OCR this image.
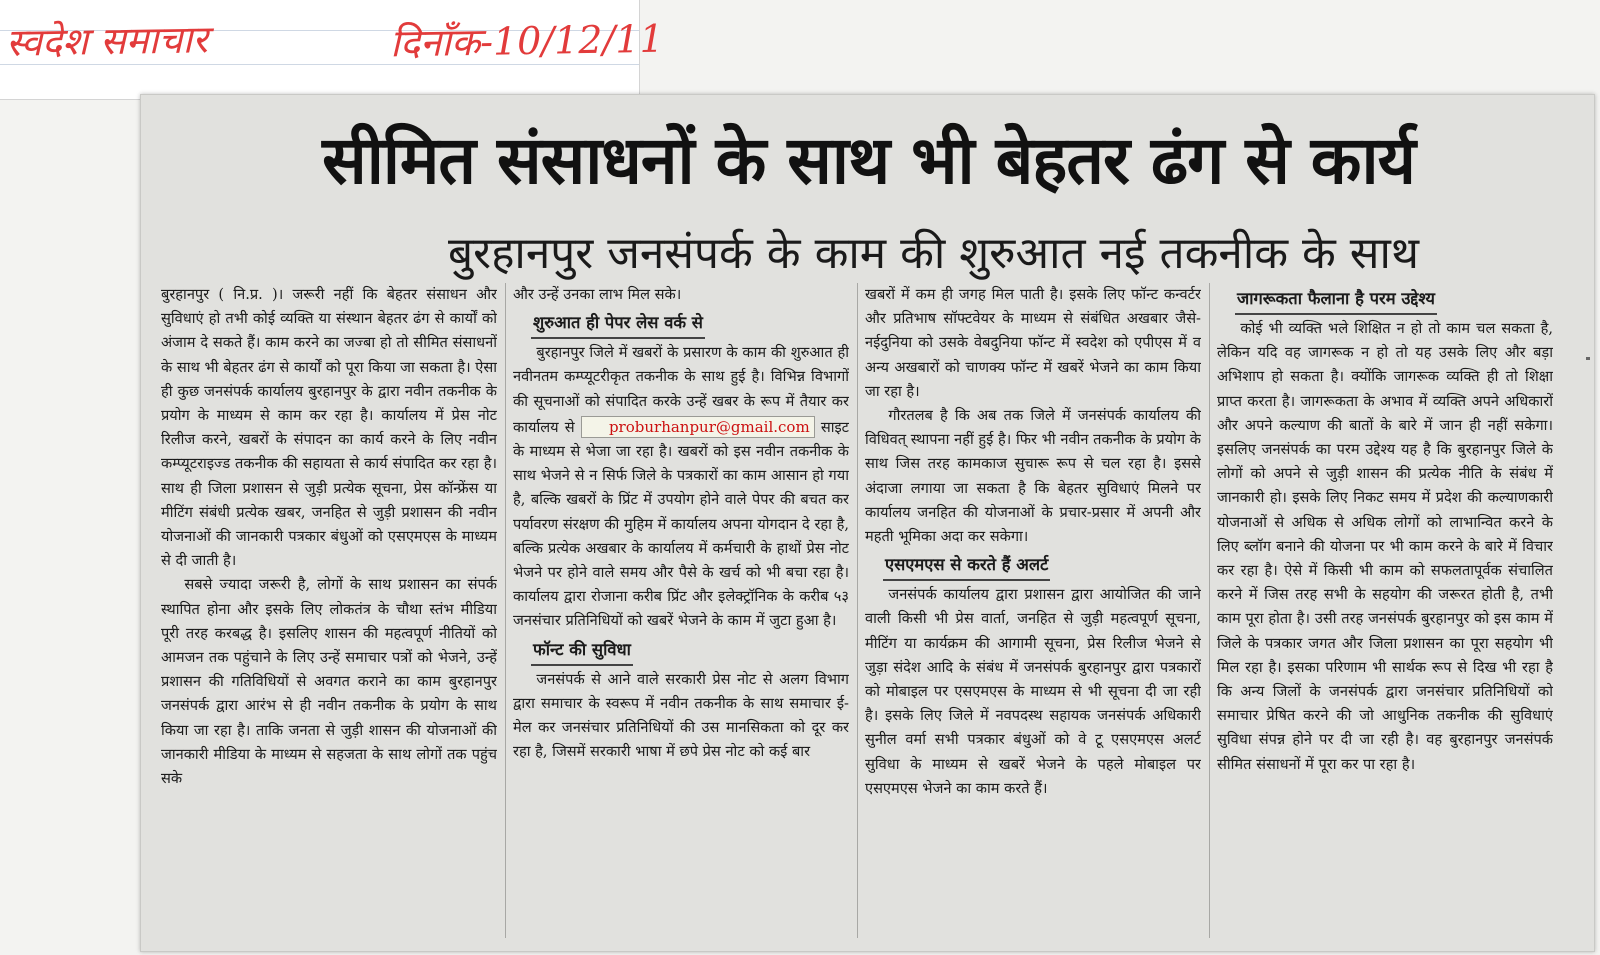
स्वदेश समाचार	दिनाँक-10/12/11
सीमित संसाधनों के साथ भी बेहतर ढंग से कार्य
बुरहानपुर जनसंपर्क के काम की शुरुआत नई तकनीक के साथ

बुरहानपुर ( नि.प्र. )। जरूरी नहीं कि बेहतर संसाधन और सुविधाएं हो तभी कोई व्यक्ति या संस्थान बेहतर ढंग से कार्यों को अंजाम दे सकते हैं। काम करने का जज्बा हो तो सीमित संसाधनों के साथ भी बेहतर ढंग से कार्यों को पूरा किया जा सकता है। ऐसा ही कुछ जनसंपर्क कार्यालय बुरहानपुर के द्वारा नवीन तकनीक के प्रयोग के माध्यम से काम कर रहा है। कार्यालय में प्रेस नोट रिलीज करने, खबरों के संपादन का कार्य करने के लिए नवीन कम्प्यूटराइज्ड तकनीक की सहायता से कार्य संपादित कर रहा है। साथ ही जिला प्रशासन से जुड़ी प्रत्येक सूचना, प्रेस कॉन्फ्रेंस या मीटिंग संबंधी प्रत्येक खबर, जनहित से जुड़ी प्रशासन की नवीन योजनाओं की जानकारी पत्रकार बंधुओं को एसएमएस के माध्यम से दी जाती है।

सबसे ज्यादा जरूरी है, लोगों के साथ प्रशासन का संपर्क स्थापित होना और इसके लिए लोकतंत्र के चौथा स्तंभ मीडिया पूरी तरह करबद्ध है। इसलिए शासन की महत्वपूर्ण नीतियों को आमजन तक पहुंचाने के लिए उन्हें समाचार पत्रों को भेजने, उन्हें प्रशासन की गतिविधियों से अवगत कराने का काम बुरहानपुर जनसंपर्क द्वारा आरंभ से ही नवीन तकनीक के प्रयोग के साथ किया जा रहा है। ताकि जनता से जुड़ी शासन की योजनाओं की जानकारी मीडिया के माध्यम से सहजता के साथ लोगों तक पहुंच सके

और उन्हें उनका लाभ मिल सके।

शुरुआत ही पेपर लेस वर्क से

बुरहानपुर जिले में खबरों के प्रसारण के काम की शुरुआत ही नवीनतम कम्प्यूटरीकृत तकनीक के साथ हुई है। विभिन्न विभागों की सूचनाओं को संपादित करके उन्हें खबर के रूप में तैयार कर कार्यालय से proburhanpur@gmail.com साइट के माध्यम से भेजा जा रहा है। खबरों को इस नवीन तकनीक के साथ भेजने से न सिर्फ जिले के पत्रकारों का काम आसान हो गया है, बल्कि खबरों के प्रिंट में उपयोग होने वाले पेपर की बचत कर पर्यावरण संरक्षण की मुहिम में कार्यालय अपना योगदान दे रहा है, बल्कि प्रत्येक अखबार के कार्यालय में कर्मचारी के हाथों प्रेस नोट भेजने पर होने वाले समय और पैसे के खर्च को भी बचा रहा है। कार्यालय द्वारा रोजाना करीब प्रिंट और इलेक्ट्रॉनिक के करीब ५३ जनसंचार प्रतिनिधियों को खबरें भेजने के काम में जुटा हुआ है।

फॉन्ट की सुविधा

जनसंपर्क से आने वाले सरकारी प्रेस नोट से अलग विभाग द्वारा समाचार के स्वरूप में नवीन तकनीक के साथ समाचार ई-मेल कर जनसंचार प्रतिनिधियों की उस मानसिकता को दूर कर रहा है, जिसमें सरकारी भाषा में छपे प्रेस नोट को कई बार

खबरों में कम ही जगह मिल पाती है। इसके लिए फॉन्ट कन्वर्टर और प्रतिभाष सॉफ्टवेयर के माध्यम से संबंधित अखबार जैसे- नईदुनिया को उसके वेबदुनिया फॉन्ट में स्वदेश को एपीएस में व अन्य अखबारों को चाणक्य फॉन्ट में खबरें भेजने का काम किया जा रहा है।

गौरतलब है कि अब तक जिले में जनसंपर्क कार्यालय की विधिवत् स्थापना नहीं हुई है। फिर भी नवीन तकनीक के प्रयोग के साथ जिस तरह कामकाज सुचारू रूप से चल रहा है। इससे अंदाजा लगाया जा सकता है कि बेहतर सुविधाएं मिलने पर कार्यालय जनहित की योजनाओं के प्रचार-प्रसार में अपनी और महती भूमिका अदा कर सकेगा।

एसएमएस से करते हैं अलर्ट

जनसंपर्क कार्यालय द्वारा प्रशासन द्वारा आयोजित की जाने वाली किसी भी प्रेस वार्ता, जनहित से जुड़ी महत्वपूर्ण सूचना, मीटिंग या कार्यक्रम की आगामी सूचना, प्रेस रिलीज भेजने से जुड़ा संदेश आदि के संबंध में जनसंपर्क बुरहानपुर द्वारा पत्रकारों को मोबाइल पर एसएमएस के माध्यम से भी सूचना दी जा रही है। इसके लिए जिले में नवपदस्थ सहायक जनसंपर्क अधिकारी सुनील वर्मा सभी पत्रकार बंधुओं को वे टू एसएमएस अलर्ट सुविधा के माध्यम से खबरें भेजने के पहले मोबाइल पर एसएमएस भेजने का काम करते हैं।

जागरूकता फैलाना है परम उद्देश्य

कोई भी व्यक्ति भले शिक्षित न हो तो काम चल सकता है, लेकिन यदि वह जागरूक न हो तो यह उसके लिए और बड़ा अभिशाप हो सकता है। क्योंकि जागरूक व्यक्ति ही तो शिक्षा प्राप्त करता है। जागरूकता के अभाव में व्यक्ति अपने अधिकारों और अपने कल्याण की बातों के बारे में जान ही नहीं सकेगा। इसलिए जनसंपर्क का परम उद्देश्य यह है कि बुरहानपुर जिले के लोगों को अपने से जुड़ी शासन की प्रत्येक नीति के संबंध में जानकारी हो। इसके लिए निकट समय में प्रदेश की कल्याणकारी योजनाओं से अधिक से अधिक लोगों को लाभान्वित करने के लिए ब्लॉग बनाने की योजना पर भी काम करने के बारे में विचार कर रहा है। ऐसे में किसी भी काम को सफलतापूर्वक संचालित करने में जिस तरह सभी के सहयोग की जरूरत होती है, तभी काम पूरा होता है। उसी तरह जनसंपर्क बुरहानपुर को इस काम में जिले के पत्रकार जगत और जिला प्रशासन का पूरा सहयोग भी मिल रहा है। इसका परिणाम भी सार्थक रूप से दिख भी रहा है कि अन्य जिलों के जनसंपर्क द्वारा जनसंचार प्रतिनिधियों को समाचार प्रेषित करने की जो आधुनिक तकनीक की सुविधाएं सुविधा संपन्न होने पर दी जा रही है। वह बुरहानपुर जनसंपर्क सीमित संसाधनों में पूरा कर पा रहा है।
